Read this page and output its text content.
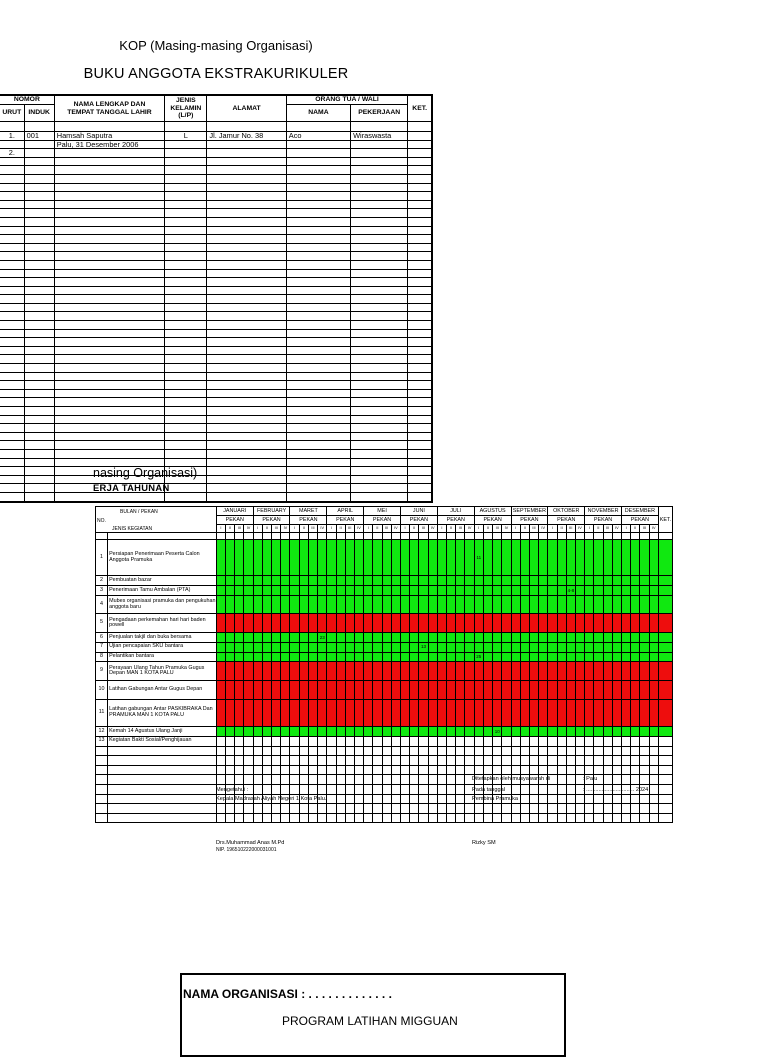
KOP (Masing-masing Organisasi)
BUKU ANGGOTA EKSTRAKURIKULER
NOMOR		NAMA LENGKAP DAN
TEMPAT TANGGAL LAHIR	JENIS KELAMIN (L/P)	ALAMAT	ORANG TUA / WALI		KET.
URUT	INDUK				NAMA	PEKERJAAN	

1.	001	Hamsah Saputra	L	Jl. Jamur No. 38	Aco	Wiraswasta	
		Palu, 31 Desember 2006					
2.							

nasing Organisasi)
ERJA TAHUNAN
BULAN / PEKAN
NO.
JENIS KEGIATAN		JANUARI				FEBRUARY				MARET				APRIL				MEI				JUNI				JULI				AGUSTUS				SEPTEMBER				OKTOBER				NOVEMBER				DESEMBER				KET.
		PEKAN				PEKAN				PEKAN				PEKAN				PEKAN				PEKAN				PEKAN				PEKAN				PEKAN				PEKAN				PEKAN				PEKAN				
		I	II	III	IV	I	II	III	IV	I	II	III	IV	I	II	III	IV	I	II	III	IV	I	II	III	IV	I	II	III	IV	I	II	III	IV	I	II	III	IV	I	II	III	IV	I	II	III	IV	I	II	III	IV	

1	Persiapan Penerimaan Peserta Calon Anggota Pramuka																													11																				
2	Pembuatan bazar																																																	
3	Penerimaan Tamu Ambalan (PTA)																																							4-8										
4	Mubes organisasi pramuka dan pengukuhan anggota baru																																																	
5	Pengadaan perkemahan hari hari baden powell																																																	
6	Penjualan takjil dan buka bersama												23																																					
7	Ujian pencapaian SKU bantara																							13																										
8	Pelantikan bantara																													25																				
9	Perayaan Ulang Tahun Pramuka Gugus Depan MAN 1 KOTA PALU																																																	
10	Latihan Gabungan Antar Gugus Depan																																																	
11	Latihan gabungan Antar PASKIBRAKA Dan PRAMUKA MAN 1 KOTA PALU																																																	
12	Kemah 14 Agustus Ulang Janji																															10																		
13	Kegiatan Bakti Sosial/Penghijauan																																																	

Ditetapkan oleh musyawarah di	: Palu
Mengetahui :	Pada tanggal	: ............................... 2024
Kepala Madrasah Aliyah Negeri 1 Kota Palu.	Pembina Pramuka
Drs.Muhammad Anas M.Pd
NIP. 196510222000031001
Rizky SM
NAMA ORGANISASI : . . . . . . . . . . . . .
PROGRAM LATIHAN MIGGUAN
